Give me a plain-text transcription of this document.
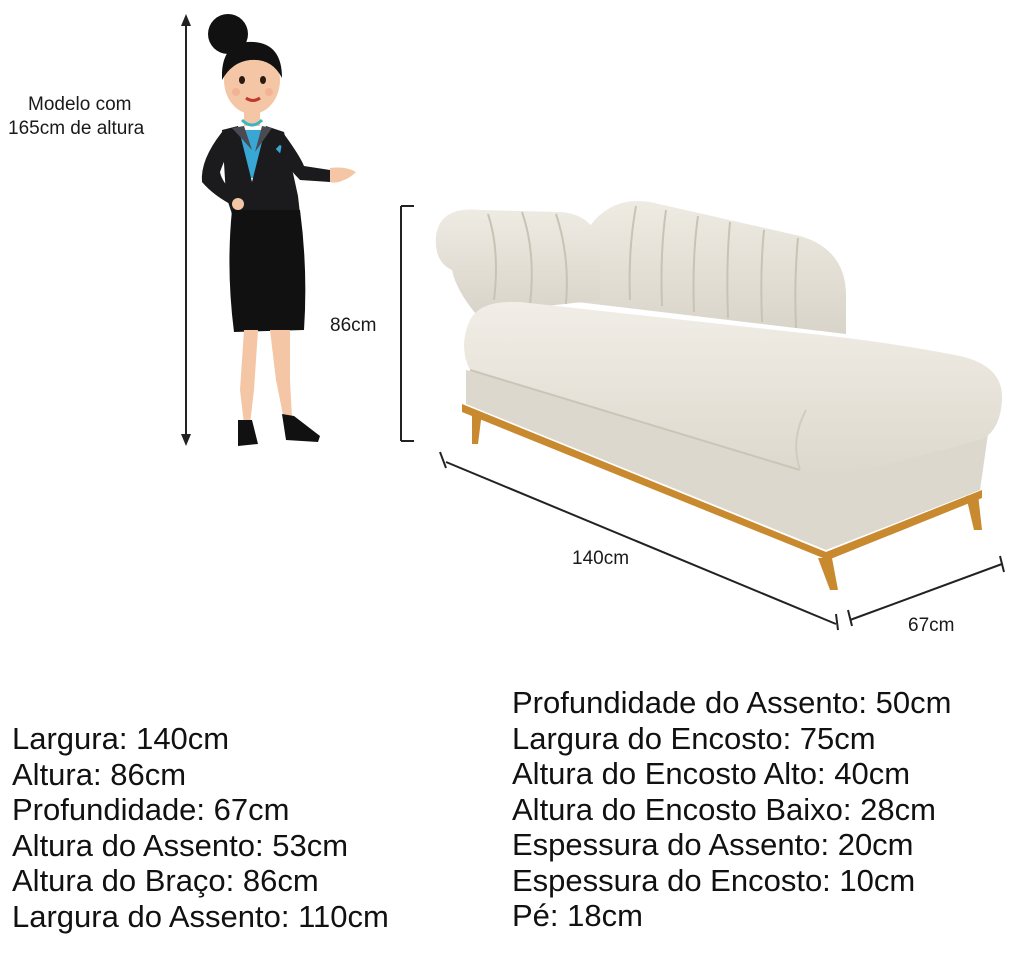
Modelo com
165cm de altura
86cm
140cm
67cm
Largura: 140cm
Altura: 86cm
Profundidade: 67cm
Altura do Assento: 53cm
Altura do Braço: 86cm
Largura do Assento: 110cm
Profundidade do Assento: 50cm
Largura do Encosto: 75cm
Altura do Encosto Alto: 40cm
Altura do Encosto Baixo: 28cm
Espessura do Assento: 20cm
Espessura do Encosto: 10cm
Pé: 18cm
